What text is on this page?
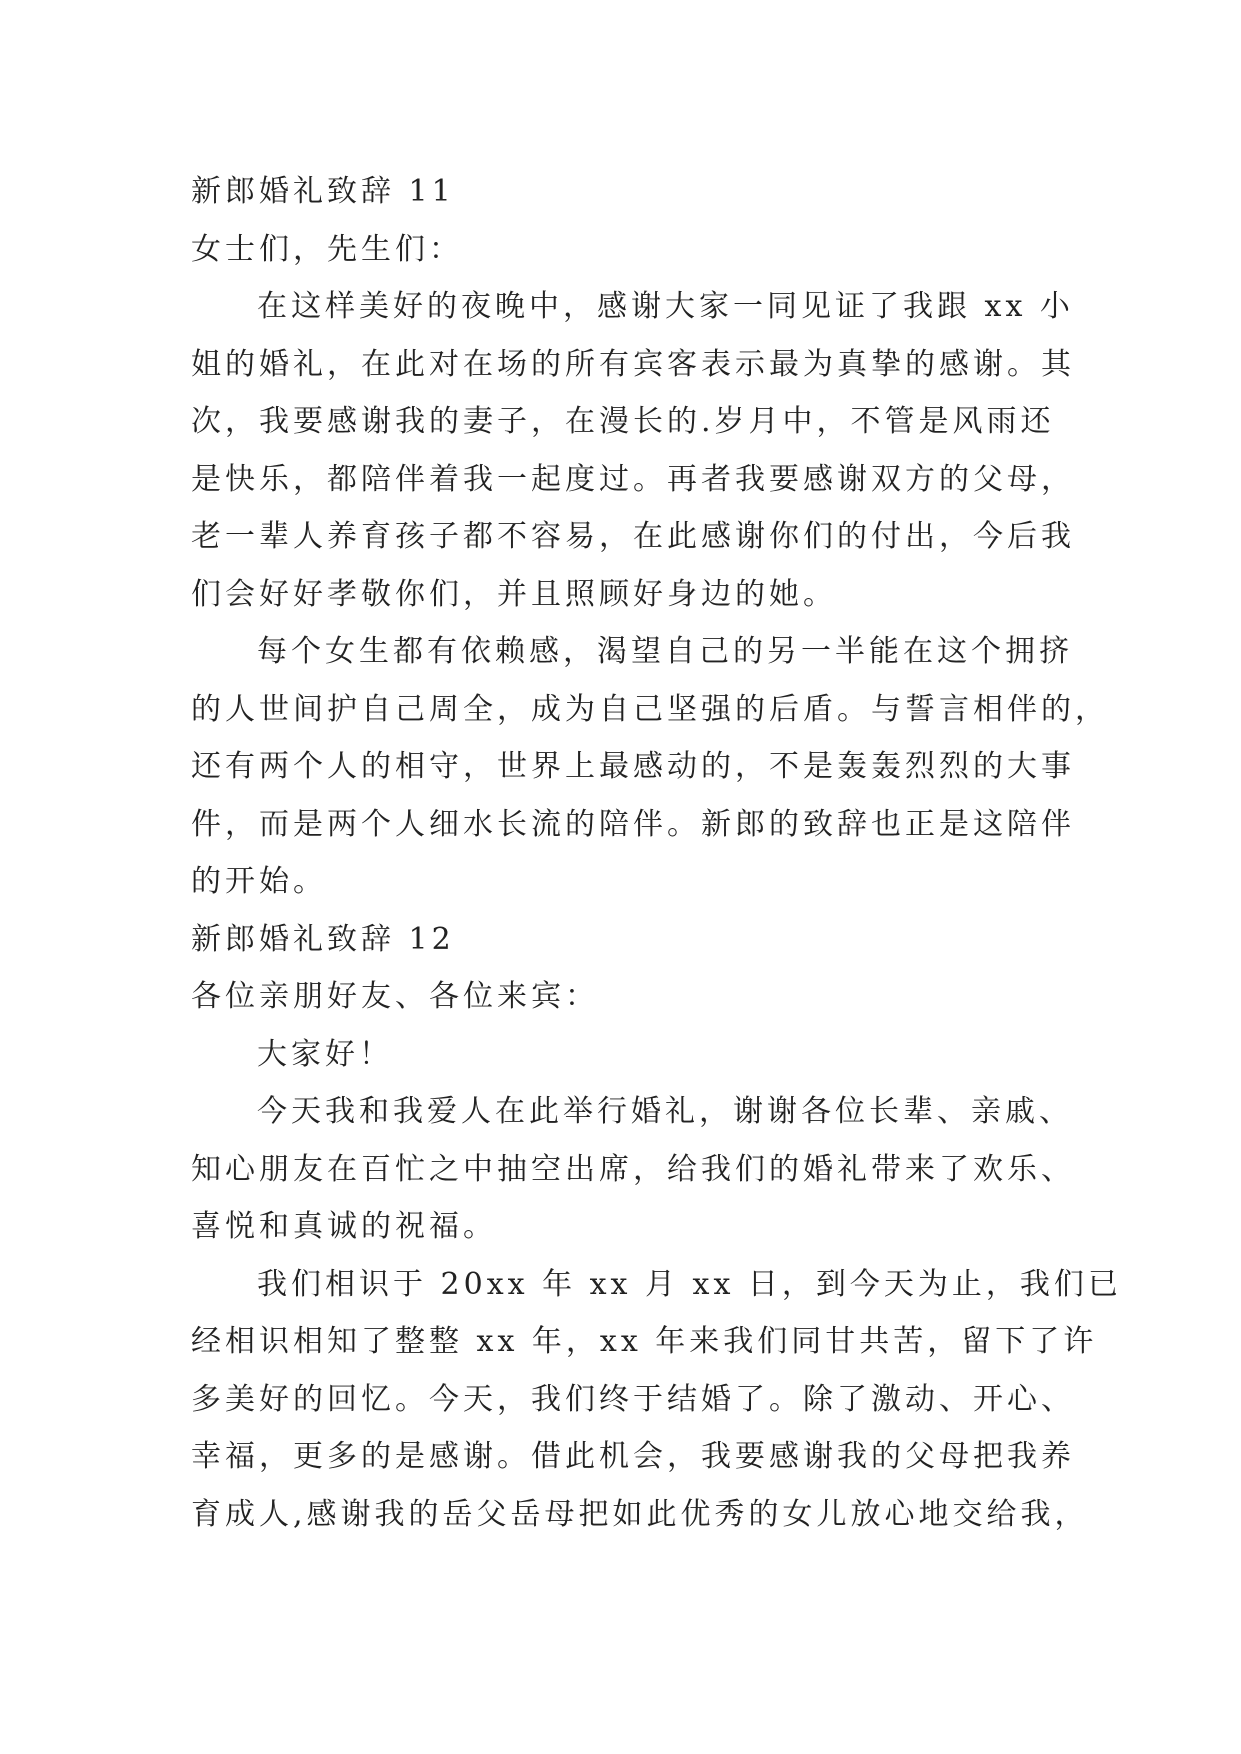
新郎婚礼致辞 11
女士们，先生们：
在这样美好的夜晚中，感谢大家一同见证了我跟 xx 小
姐的婚礼，在此对在场的所有宾客表示最为真挚的感谢。其
次，我要感谢我的妻子，在漫长的.岁月中，不管是风雨还
是快乐，都陪伴着我一起度过。再者我要感谢双方的父母，
老一辈人养育孩子都不容易，在此感谢你们的付出，今后我
们会好好孝敬你们，并且照顾好身边的她。
每个女生都有依赖感，渴望自己的另一半能在这个拥挤
的人世间护自己周全，成为自己坚强的后盾。与誓言相伴的，
还有两个人的相守，世界上最感动的，不是轰轰烈烈的大事
件，而是两个人细水长流的陪伴。新郎的致辞也正是这陪伴
的开始。
新郎婚礼致辞 12
各位亲朋好友、各位来宾：
大家好！
今天我和我爱人在此举行婚礼，谢谢各位长辈、亲戚、
知心朋友在百忙之中抽空出席，给我们的婚礼带来了欢乐、
喜悦和真诚的祝福。
我们相识于 20xx 年 xx 月 xx 日，到今天为止，我们已
经相识相知了整整 xx 年，xx 年来我们同甘共苦，留下了许
多美好的回忆。今天，我们终于结婚了。除了激动、开心、
幸福，更多的是感谢。借此机会，我要感谢我的父母把我养
育成人,感谢我的岳父岳母把如此优秀的女儿放心地交给我，
